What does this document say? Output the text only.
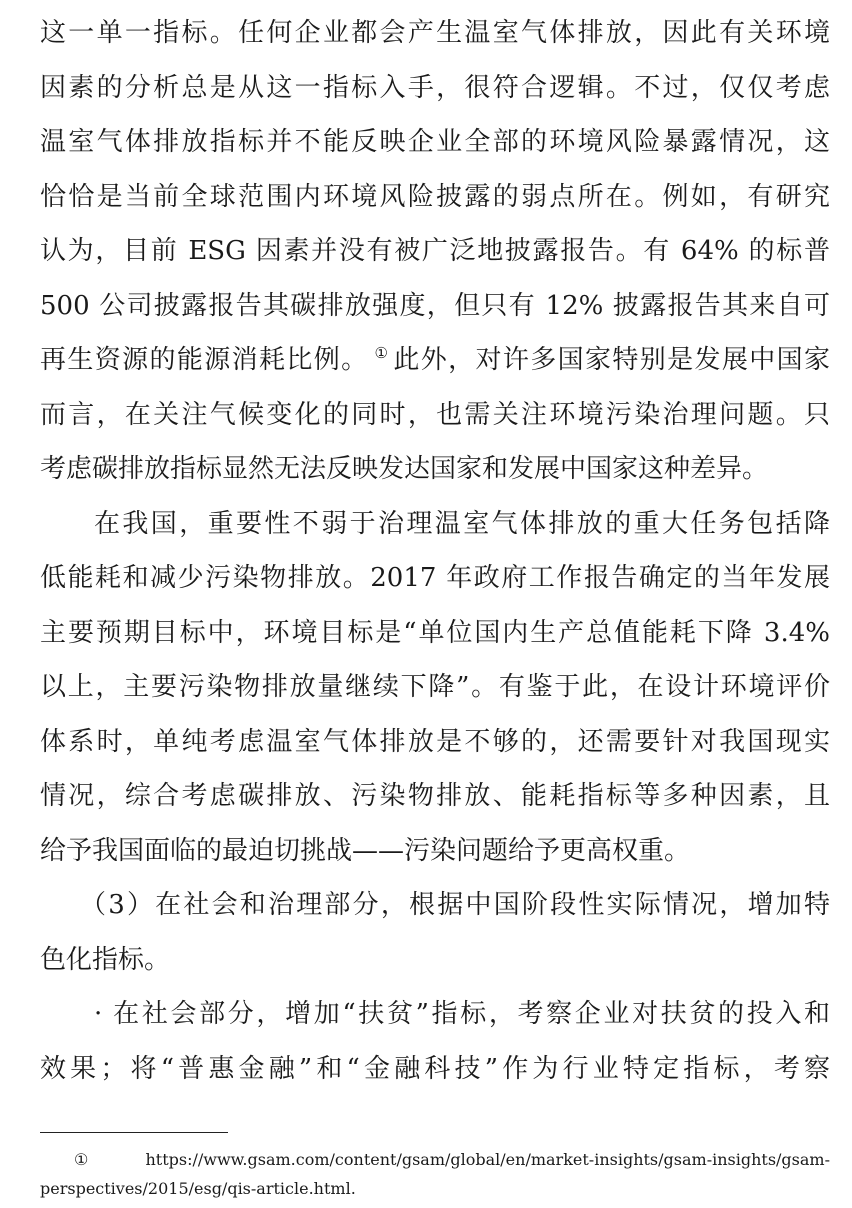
这一单一指标。任何企业都会产生温室气体排放，因此有关环境
因素的分析总是从这一指标入手，很符合逻辑。不过，仅仅考虑
温室气体排放指标并不能反映企业全部的环境风险暴露情况，这
恰恰是当前全球范围内环境风险披露的弱点所在。例如，有研究
认为，目前 ESG 因素并没有被广泛地披露报告。有 64% 的标普
500 公司披露报告其碳排放强度，但只有 12% 披露报告其来自可
再生资源的能源消耗比例。 ① 此外，对许多国家特别是发展中国家
而言，在关注气候变化的同时，也需关注环境污染治理问题。只
考虑碳排放指标显然无法反映发达国家和发展中国家这种差异。
在我国，重要性不弱于治理温室气体排放的重大任务包括降
低能耗和减少污染物排放。2017 年政府工作报告确定的当年发展
主要预期目标中，环境目标是“单位国内生产总值能耗下降 3.4%
以上，主要污染物排放量继续下降”。有鉴于此，在设计环境评价
体系时，单纯考虑温室气体排放是不够的，还需要针对我国现实
情况，综合考虑碳排放、污染物排放、能耗指标等多种因素，且
给予我国面临的最迫切挑战——污染问题给予更高权重。
（3）在社会和治理部分，根据中国阶段性实际情况，增加特
色化指标。
· 在社会部分，增加“扶贫”指标，考察企业对扶贫的投入和
效果；将“普惠金融”和“金融科技”作为行业特定指标，考察
① https://www.gsam.com/content/gsam/global/en/market-insights/gsam-insights/gsam-
perspectives/2015/esg/qis-article.html.
